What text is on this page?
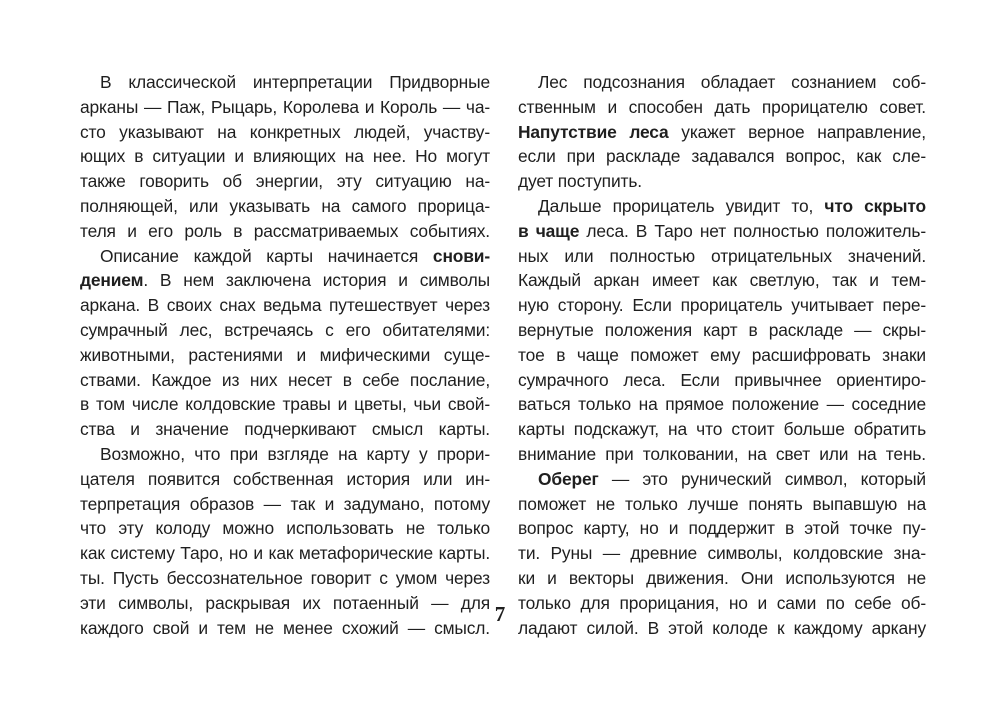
В классической интерпретации Придворные
арканы — Паж, Рыцарь, Королева и Король — ча-
сто указывают на конкретных людей, участву-
ющих в ситуации и влияющих на нее. Но могут
также говорить об энергии, эту ситуацию на-
полняющей, или указывать на самого прорица-
теля и его роль в рассматриваемых событиях.
Описание каждой карты начинается снови-
дением. В нем заключена история и символы
аркана. В своих снах ведьма путешествует через
сумрачный лес, встречаясь с его обитателями:
животными, растениями и мифическими суще-
ствами. Каждое из них несет в себе послание,
в том числе колдовские травы и цветы, чьи свой-
ства и значение подчеркивают смысл карты.
Возможно, что при взгляде на карту у прори-
цателя появится собственная история или ин-
терпретация образов — так и задумано, потому
что эту колоду можно использовать не только
как систему Таро, но и как метафорические карты.
ты. Пусть бессознательное говорит с умом через
эти символы, раскрывая их потаенный — для
каждого свой и тем не менее схожий — смысл.
Лес подсознания обладает сознанием соб-
ственным и способен дать прорицателю совет.
Напутствие леса укажет верное направление,
если при раскладе задавался вопрос, как сле-
дует поступить.
Дальше прорицатель увидит то, что скрыто
в чаще леса. В Таро нет полностью положитель-
ных или полностью отрицательных значений.
Каждый аркан имеет как светлую, так и тем-
ную сторону. Если прорицатель учитывает пере-
вернутые положения карт в раскладе — скры-
тое в чаще поможет ему расшифровать знаки
сумрачного леса. Если привычнее ориентиро-
ваться только на прямое положение — соседние
карты подскажут, на что стоит больше обратить
внимание при толковании, на свет или на тень.
Оберег — это рунический символ, который
поможет не только лучше понять выпавшую на
вопрос карту, но и поддержит в этой точке пу-
ти. Руны — древние символы, колдовские зна-
ки и векторы движения. Они используются не
только для прорицания, но и сами по себе об-
ладают силой. В этой колоде к каждому аркану
7
